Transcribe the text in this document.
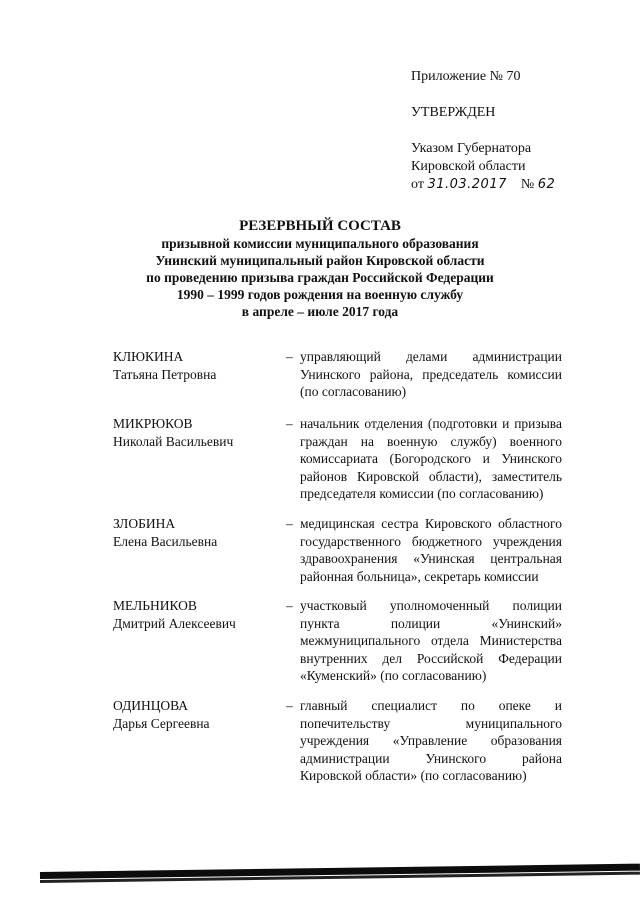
Приложение № 70
УТВЕРЖДЕН
Указом Губернатора
Кировской области
от 31.03.2017 № 62
РЕЗЕРВНЫЙ СОСТАВ
призывной комиссии муниципального образования
Унинский муниципальный район Кировской области
по проведению призыва граждан Российской Федерации
1990 – 1999 годов рождения на военную службу
в апреле – июле 2017 года
КЛЮКИНА
Татьяна Петровна
– управляющий делами администрации Унинского района, председатель комиссии (по согласованию)
МИКРЮКОВ
Николай Васильевич
– начальник отделения (подготовки и призыва граждан на военную службу) военного комиссариата (Богородского и Унинского районов Кировской области), заместитель председателя комиссии (по согласованию)
ЗЛОБИНА
Елена Васильевна
– медицинская сестра Кировского областного государственного бюджетного учреждения здравоохранения «Унинская центральная районная больница», секретарь комиссии
МЕЛЬНИКОВ
Дмитрий Алексеевич
– участковый уполномоченный полиции пункта полиции «Унинский» межмуниципального отдела Министерства внутренних дел Российской Федерации «Куменский» (по согласованию)
ОДИНЦОВА
Дарья Сергеевна
– главный специалист по опеке и попечительству муниципального учреждения «Управление образования администрации Унинского района Кировской области» (по согласованию)
